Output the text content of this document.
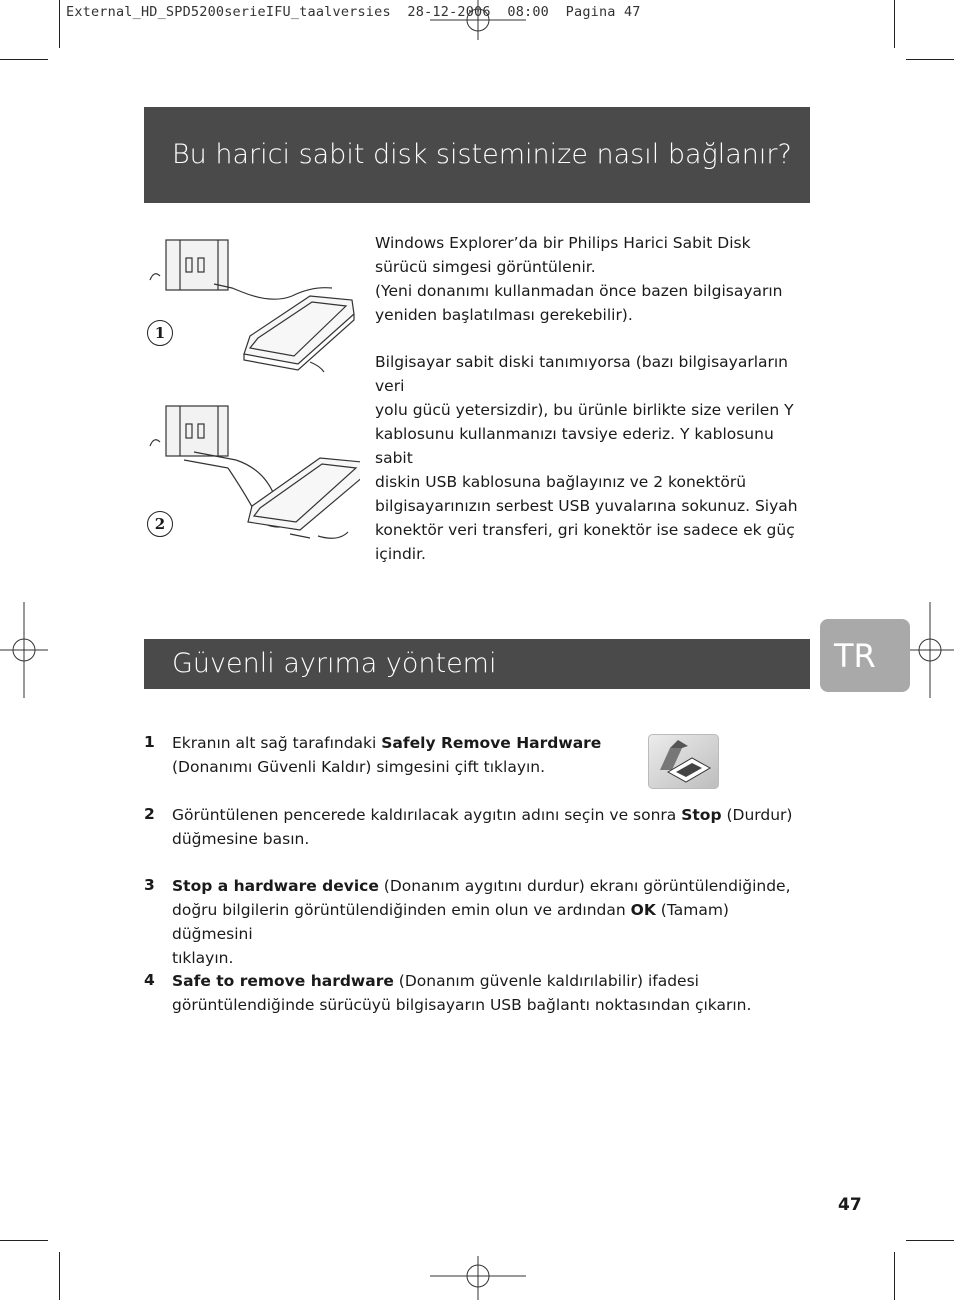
External_HD_SPD5200serieIFU_taalversies  28-12-2006  08:00  Pagina 47
Bu harici sabit disk sisteminize nasıl bağlanır?
1
2

Windows Explorer’da bir Philips Harici Sabit Disk

sürücü simgesi görüntülenir.

(Yeni donanımı kullanmadan önce bazen bilgisayarın

yeniden başlatılması gerekebilir).

Bilgisayar sabit diski tanımıyorsa (bazı bilgisayarların veri

yolu gücü yetersizdir), bu ürünle birlikte size verilen Y

kablosunu kullanmanızı tavsiye ederiz. Y kablosunu sabit

diskin USB kablosuna bağlayınız ve 2 konektörü

bilgisayarınızın serbest USB yuvalarına sokunuz. Siyah

konektör veri transferi, gri konektör ise sadece ek güç

içindir.

Güvenli ayrıma yöntemi	TR
1 Ekranın alt sağ tarafındaki Safely Remove Hardware
(Donanımı Güvenli Kaldır) simgesini çift tıklayın.
2 Görüntülenen pencerede kaldırılacak aygıtın adını seçin ve sonra Stop (Durdur)
düğmesine basın.
3 Stop a hardware device (Donanım aygıtını durdur) ekranı görüntülendiğinde,
doğru bilgilerin görüntülendiğinden emin olun ve ardından OK (Tamam) düğmesini
tıklayın.
4 Safe to remove hardware (Donanım güvenle kaldırılabilir) ifadesi
görüntülendiğinde sürücüyü bilgisayarın USB bağlantı noktasından çıkarın.
47
